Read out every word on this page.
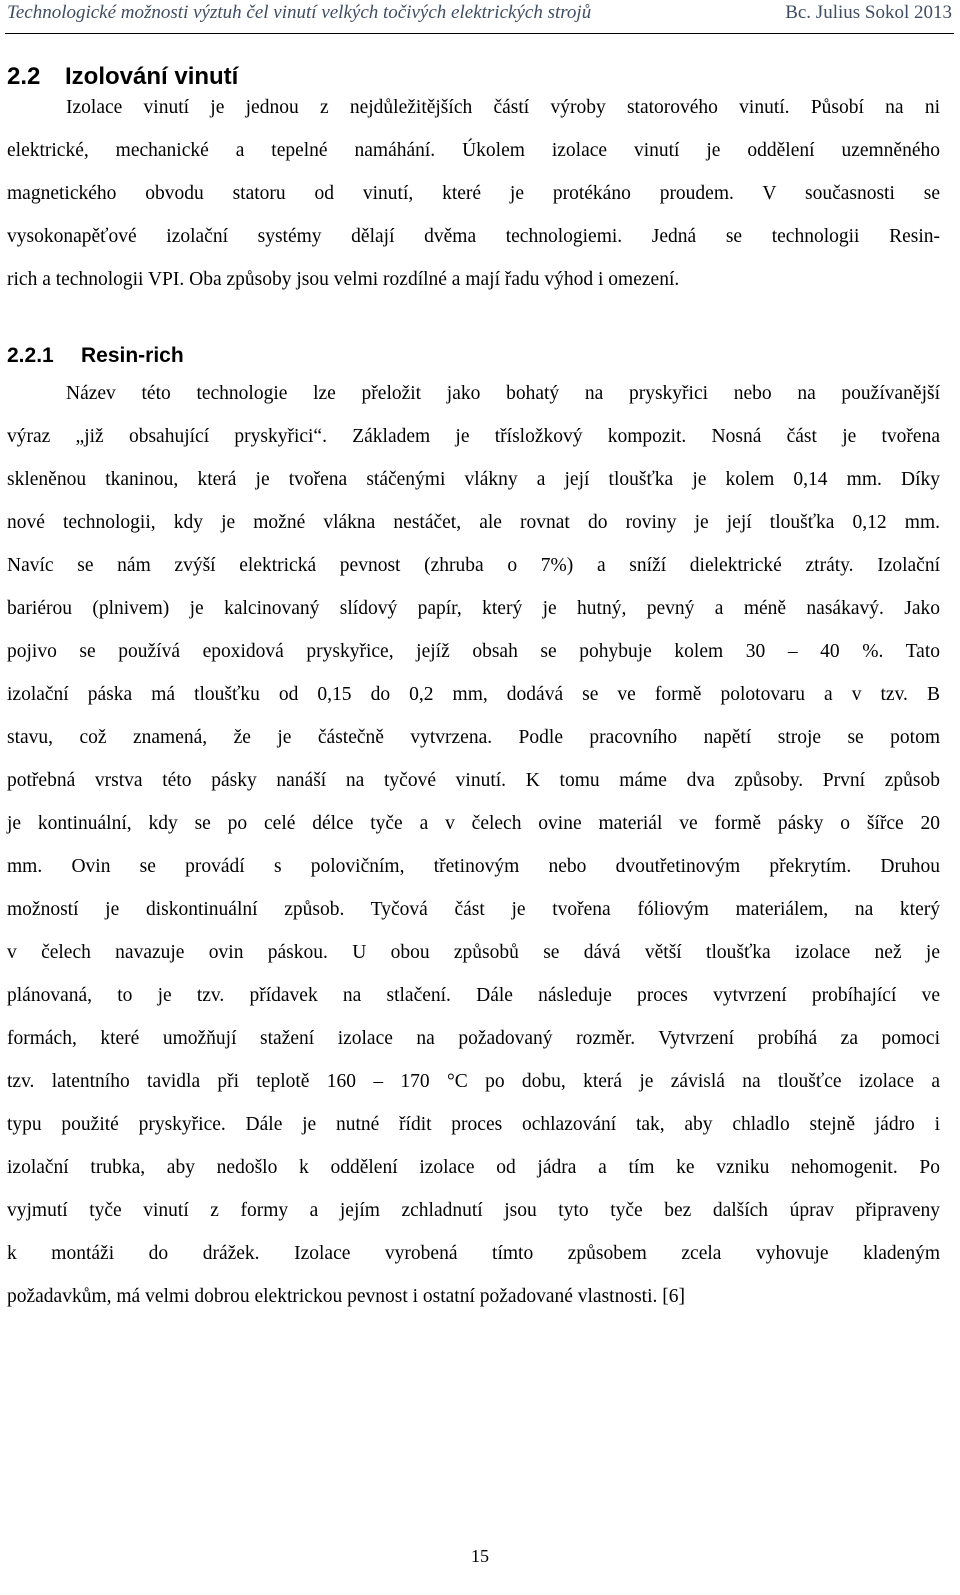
Technologické možnosti výztuh čel vinutí velkých točivých elektrických strojů	Bc. Julius Sokol 2013
2.2 Izolování vinutí
Izolace vinutí je jednou z nejdůležitějších částí výroby statorového vinutí. Působí na ni
elektrické, mechanické a tepelné namáhání. Úkolem izolace vinutí je oddělení uzemněného
magnetického obvodu statoru od vinutí, které je protékáno proudem. V současnosti se
vysokonapěťové izolační systémy dělají dvěma technologiemi. Jedná se technologii Resin-
rich a technologii VPI. Oba způsoby jsou velmi rozdílné a mají řadu výhod i omezení.
2.2.1 Resin-rich
Název této technologie lze přeložit jako bohatý na pryskyřici nebo na používanější
výraz „již obsahující pryskyřici“. Základem je třísložkový kompozit. Nosná část je tvořena
skleněnou tkaninou, která je tvořena stáčenými vlákny a její tloušťka je kolem 0,14 mm. Díky
nové technologii, kdy je možné vlákna nestáčet, ale rovnat do roviny je její tloušťka 0,12 mm.
Navíc se nám zvýší elektrická pevnost (zhruba o 7%) a sníží dielektrické ztráty. Izolační
bariérou (plnivem) je kalcinovaný slídový papír, který je hutný, pevný a méně nasákavý. Jako
pojivo se používá epoxidová pryskyřice, jejíž obsah se pohybuje kolem 30 – 40 %. Tato
izolační páska má tloušťku od 0,15 do 0,2 mm, dodává se ve formě polotovaru a v tzv. B
stavu, což znamená, že je částečně vytvrzena. Podle pracovního napětí stroje se potom
potřebná vrstva této pásky nanáší na tyčové vinutí. K tomu máme dva způsoby. První způsob
je kontinuální, kdy se po celé délce tyče a v čelech ovine materiál ve formě pásky o šířce 20
mm. Ovin se provádí s polovičním, třetinovým nebo dvoutřetinovým překrytím. Druhou
možností je diskontinuální způsob. Tyčová část je tvořena fóliovým materiálem, na který
v čelech navazuje ovin páskou. U obou způsobů se dává větší tloušťka izolace než je
plánovaná, to je tzv. přídavek na stlačení. Dále následuje proces vytvrzení probíhající ve
formách, které umožňují stažení izolace na požadovaný rozměr. Vytvrzení probíhá za pomoci
tzv. latentního tavidla při teplotě 160 – 170 °C po dobu, která je závislá na tloušťce izolace a
typu použité pryskyřice. Dále je nutné řídit proces ochlazování tak, aby chladlo stejně jádro i
izolační trubka, aby nedošlo k oddělení izolace od jádra a tím ke vzniku nehomogenit. Po
vyjmutí tyče vinutí z formy a jejím zchladnutí jsou tyto tyče bez dalších úprav připraveny
k montáži do drážek. Izolace vyrobená tímto způsobem zcela vyhovuje kladeným
požadavkům, má velmi dobrou elektrickou pevnost i ostatní požadované vlastnosti. [6]
15
